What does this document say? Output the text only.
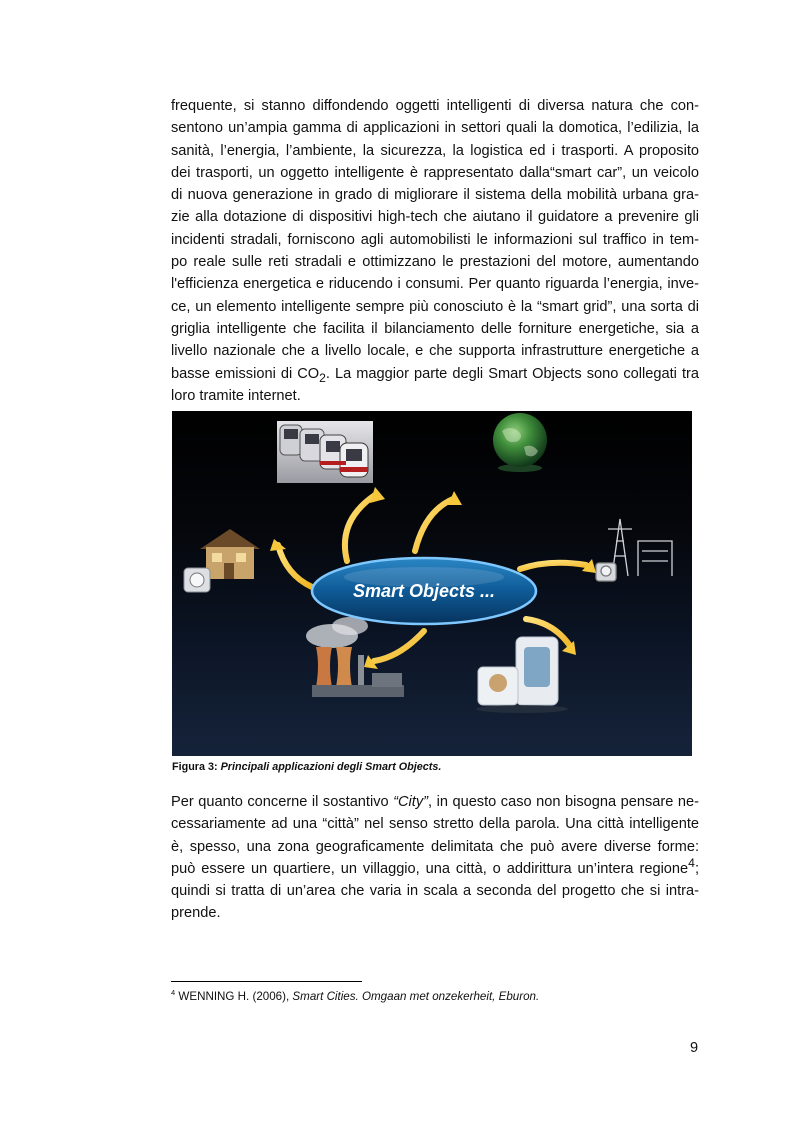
frequente, si stanno diffondendo oggetti intelligenti di diversa natura che con-
sentono un’ampia gamma di applicazioni in settori quali la domotica, l’edilizia, la
sanità, l’energia, l’ambiente, la sicurezza, la logistica ed i trasporti. A proposito
dei trasporti, un oggetto intelligente è rappresentato dalla“smart car”, un veicolo
di nuova generazione in grado di migliorare il sistema della mobilità urbana gra-
zie alla dotazione di dispositivi high-tech che aiutano il guidatore a prevenire gli
incidenti stradali, forniscono agli automobilisti le informazioni sul traffico in tem-
po reale sulle reti stradali e ottimizzano le prestazioni del motore, aumentando
l'efficienza energetica e riducendo i consumi. Per quanto riguarda l’energia, inve-
ce, un elemento intelligente sempre più conosciuto è la “smart grid”, una sorta di
griglia intelligente che facilita il bilanciamento delle forniture energetiche, sia a
livello nazionale che a livello locale, e che supporta infrastrutture energetiche a
basse emissioni di $CO_2$. La maggior parte degli Smart Objects sono collegati tra
loro tramite internet.
Smart Objects ...
Figura 3: Principali applicazioni degli Smart Objects.
Per quanto concerne il sostantivo “City”, in questo caso non bisogna pensare ne-
cessariamente ad una “città” nel senso stretto della parola. Una città intelligente
è, spesso, una zona geograficamente delimitata che può avere diverse forme:
può essere un quartiere, un villaggio, una città, o addirittura un’intera regione$^4$;
quindi si tratta di un’area che varia in scala a seconda del progetto che si intra-
prende.
$^4$ WENNING H. (2006), Smart Cities. Omgaan met onzekerheit, Eburon.
9
